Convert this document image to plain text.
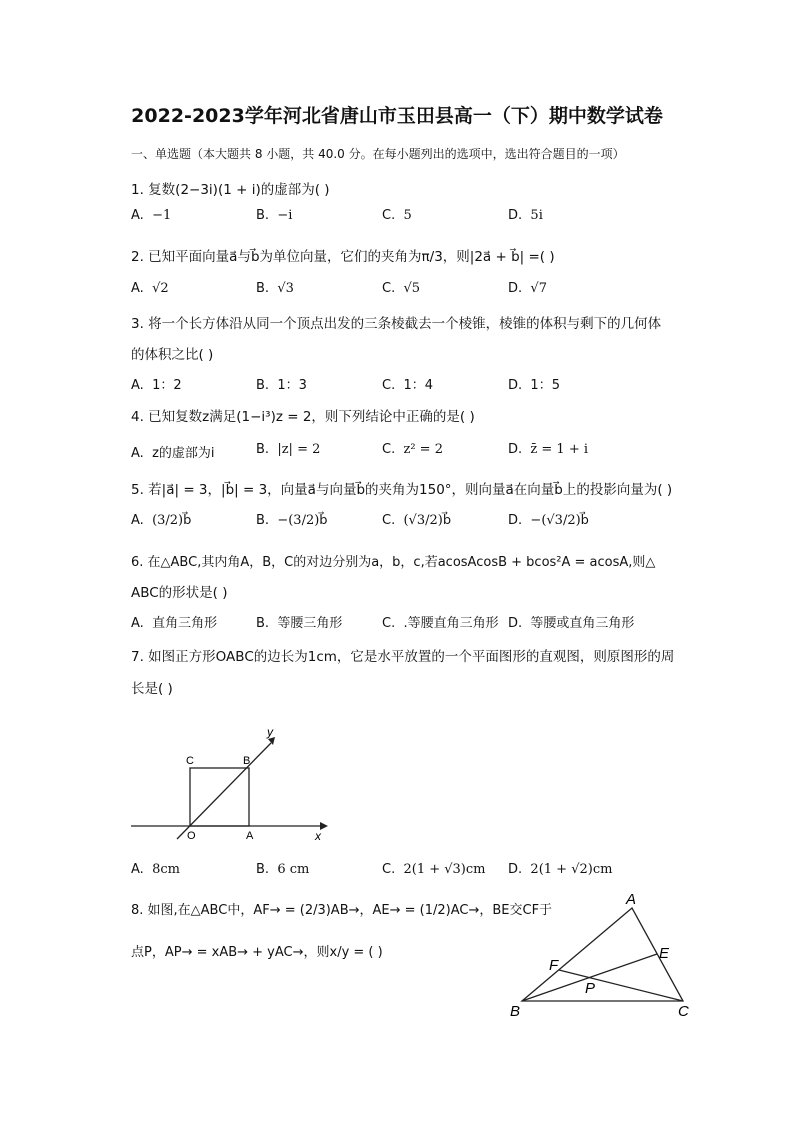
2022-2023学年河北省唐山市玉田县高一（下）期中数学试卷
一、单选题（本大题共 8 小题，共 40.0 分。在每小题列出的选项中，选出符合题目的一项）
1. 复数(2−3i)(1 + i)的虚部为( )
A. −1	B. −i	C. 5	D. 5i
2. 已知平面向量a⃗与b⃗为单位向量，它们的夹角为π/3，则|2a⃗ + b⃗| =( )
A. √2	B. √3	C. √5	D. √7
3. 将一个长方体沿从同一个顶点出发的三条棱截去一个棱锥，棱锥的体积与剩下的几何体
的体积之比( )
A. 1：2	B. 1：3	C. 1：4	D. 1：5
4. 已知复数z满足(1−i³)z = 2，则下列结论中正确的是( )
A. z的虚部为i	B. |z| = 2	C. z² = 2	D. z̄ = 1 + i
5. 若|a⃗| = 3，|b⃗| = 3，向量a⃗与向量b⃗的夹角为150°，则向量a⃗在向量b⃗上的投影向量为( )
A. (3/2)b⃗	B. −(3/2)b⃗	C. (√3/2)b⃗	D. −(√3/2)b⃗
6. 在△ABC,其内角A，B，C的对边分别为a，b，c,若acosAcosB + bcos²A = acosA,则△
ABC的形状是( )
A. 直角三角形	B. 等腰三角形	C. .等腰直角三角形 D. 等腰或直角三角形
7. 如图正方形OABC的边长为1cm，它是水平放置的一个平面图形的直观图，则原图形的周
长是( )
C	B
O	A	x
y
A. 8cm	B. 6 cm	C. 2(1 + √3)cm D. 2(1 + √2)cm
8. 如图,在△ABC中，AF→ = (2/3)AB→，AE→ = (1/2)AC→，BE交CF于
点P，AP→ = xAB→ + yAC→，则x/y = ( )
A
B	C
E
F
P
